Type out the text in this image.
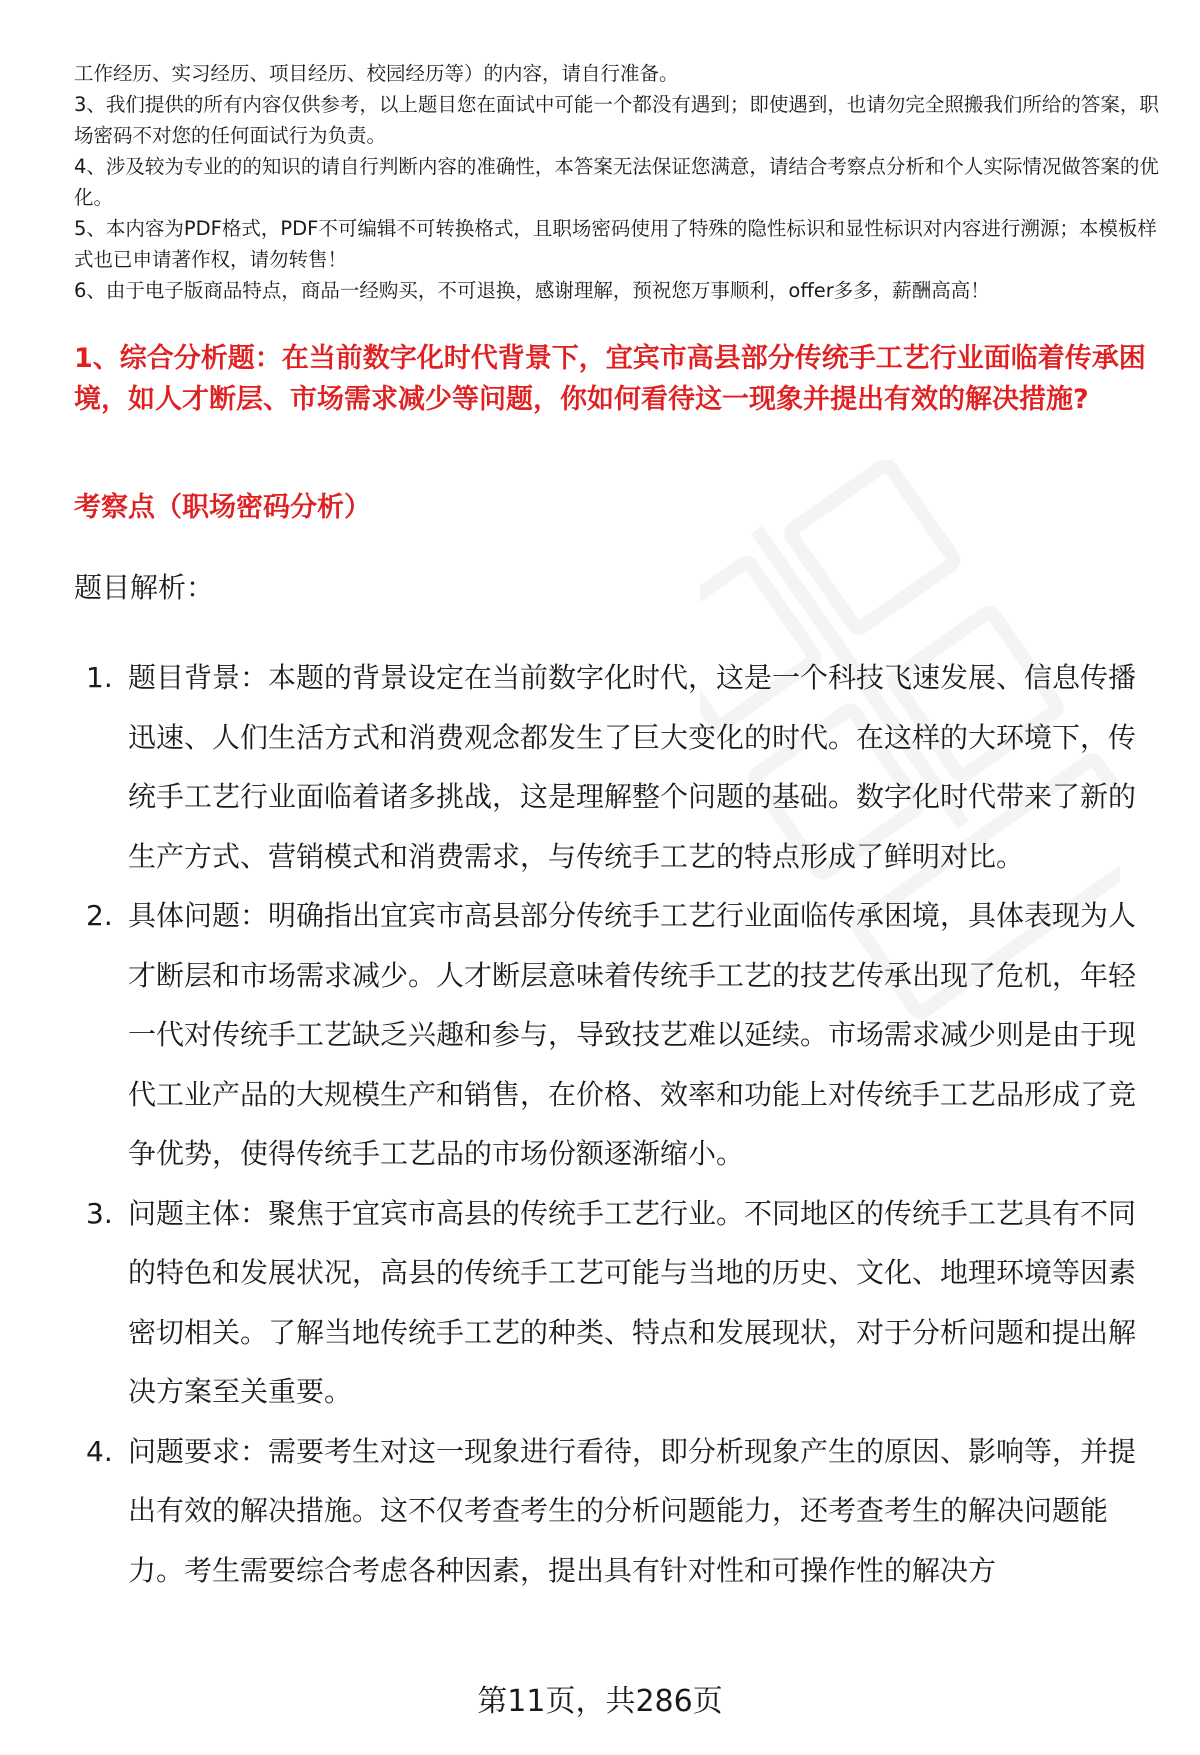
工作经历、实习经历、项目经历、校园经历等）的内容，请自行准备。

3、我们提供的所有内容仅供参考，以上题目您在面试中可能一个都没有遇到；即使遇到，也请勿完全照搬我们所给的答案，职场密码不对您的任何面试行为负责。

4、涉及较为专业的的知识的请自行判断内容的准确性，本答案无法保证您满意，请结合考察点分析和个人实际情况做答案的优化。

5、本内容为PDF格式，PDF不可编辑不可转换格式，且职场密码使用了特殊的隐性标识和显性标识对内容进行溯源；本模板样式也已申请著作权，请勿转售！

6、由于电子版商品特点，商品一经购买，不可退换，感谢理解，预祝您万事顺利，offer多多，薪酬高高！

1、综合分析题：在当前数字化时代背景下，宜宾市高县部分传统手工艺行业面临着传承困境，如人才断层、市场需求减少等问题，你如何看待这一现象并提出有效的解决措施?
考察点（职场密码分析）
题目解析：
1. 题目背景：本题的背景设定在当前数字化时代，这是一个科技飞速发展、信息传播迅速、人们生活方式和消费观念都发生了巨大变化的时代。在这样的大环境下，传统手工艺行业面临着诸多挑战，这是理解整个问题的基础。数字化时代带来了新的生产方式、营销模式和消费需求，与传统手工艺的特点形成了鲜明对比。
2. 具体问题：明确指出宜宾市高县部分传统手工艺行业面临传承困境，具体表现为人才断层和市场需求减少。人才断层意味着传统手工艺的技艺传承出现了危机，年轻一代对传统手工艺缺乏兴趣和参与，导致技艺难以延续。市场需求减少则是由于现代工业产品的大规模生产和销售，在价格、效率和功能上对传统手工艺品形成了竞争优势，使得传统手工艺品的市场份额逐渐缩小。
3. 问题主体：聚焦于宜宾市高县的传统手工艺行业。不同地区的传统手工艺具有不同的特色和发展状况，高县的传统手工艺可能与当地的历史、文化、地理环境等因素密切相关。了解当地传统手工艺的种类、特点和发展现状，对于分析问题和提出解决方案至关重要。
4. 问题要求：需要考生对这一现象进行看待，即分析现象产生的原因、影响等，并提出有效的解决措施。这不仅考查考生的分析问题能力，还考查考生的解决问题能力。考生需要综合考虑各种因素，提出具有针对性和可操作性的解决方
第11页，共286页
